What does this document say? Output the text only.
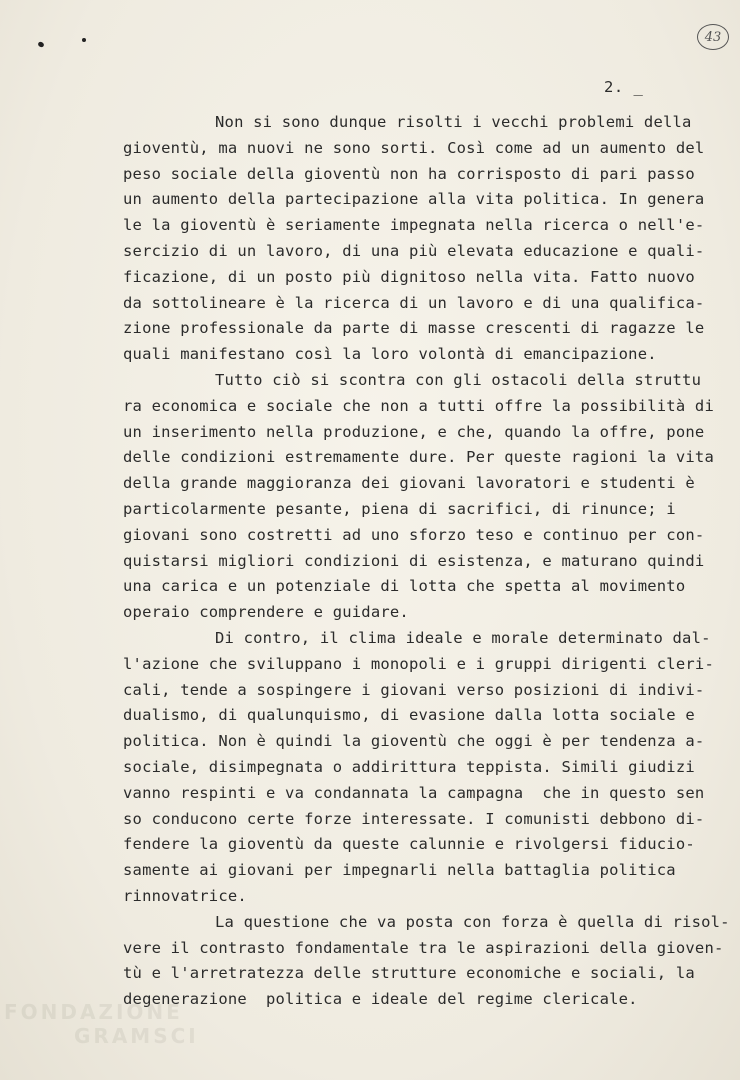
43
2. _
Non si sono dunque risolti i vecchi problemi della
gioventù, ma nuovi ne sono sorti. Così come ad un aumento del
peso sociale della gioventù non ha corrisposto di pari passo
un aumento della partecipazione alla vita politica. In genera
le la gioventù è seriamente impegnata nella ricerca o nell'e-
sercizio di un lavoro, di una più elevata educazione e quali-
ficazione, di un posto più dignitoso nella vita. Fatto nuovo
da sottolineare è la ricerca di un lavoro e di una qualifica-
zione professionale da parte di masse crescenti di ragazze le
quali manifestano così la loro volontà di emancipazione.
Tutto ciò si scontra con gli ostacoli della struttu
ra economica e sociale che non a tutti offre la possibilità di
un inserimento nella produzione, e che, quando la offre, pone
delle condizioni estremamente dure. Per queste ragioni la vita
della grande maggioranza dei giovani lavoratori e studenti è
particolarmente pesante, piena di sacrifici, di rinunce; i
giovani sono costretti ad uno sforzo teso e continuo per con-
quistarsi migliori condizioni di esistenza, e maturano quindi
una carica e un potenziale di lotta che spetta al movimento
operaio comprendere e guidare.
Di contro, il clima ideale e morale determinato dal-
l'azione che sviluppano i monopoli e i gruppi dirigenti cleri-
cali, tende a sospingere i giovani verso posizioni di indivi-
dualismo, di qualunquismo, di evasione dalla lotta sociale e
politica. Non è quindi la gioventù che oggi è per tendenza a-
sociale, disimpegnata o addirittura teppista. Simili giudizi
vanno respinti e va condannata la campagna  che in questo sen
so conducono certe forze interessate. I comunisti debbono di-
fendere la gioventù da queste calunnie e rivolgersi fiducio-
samente ai giovani per impegnarli nella battaglia politica
rinnovatrice.
La questione che va posta con forza è quella di risol-
vere il contrasto fondamentale tra le aspirazioni della gioven-
tù e l'arretratezza delle strutture economiche e sociali, la
degenerazione  politica e ideale del regime clericale.
FONDAZIONE
GRAMSCI
